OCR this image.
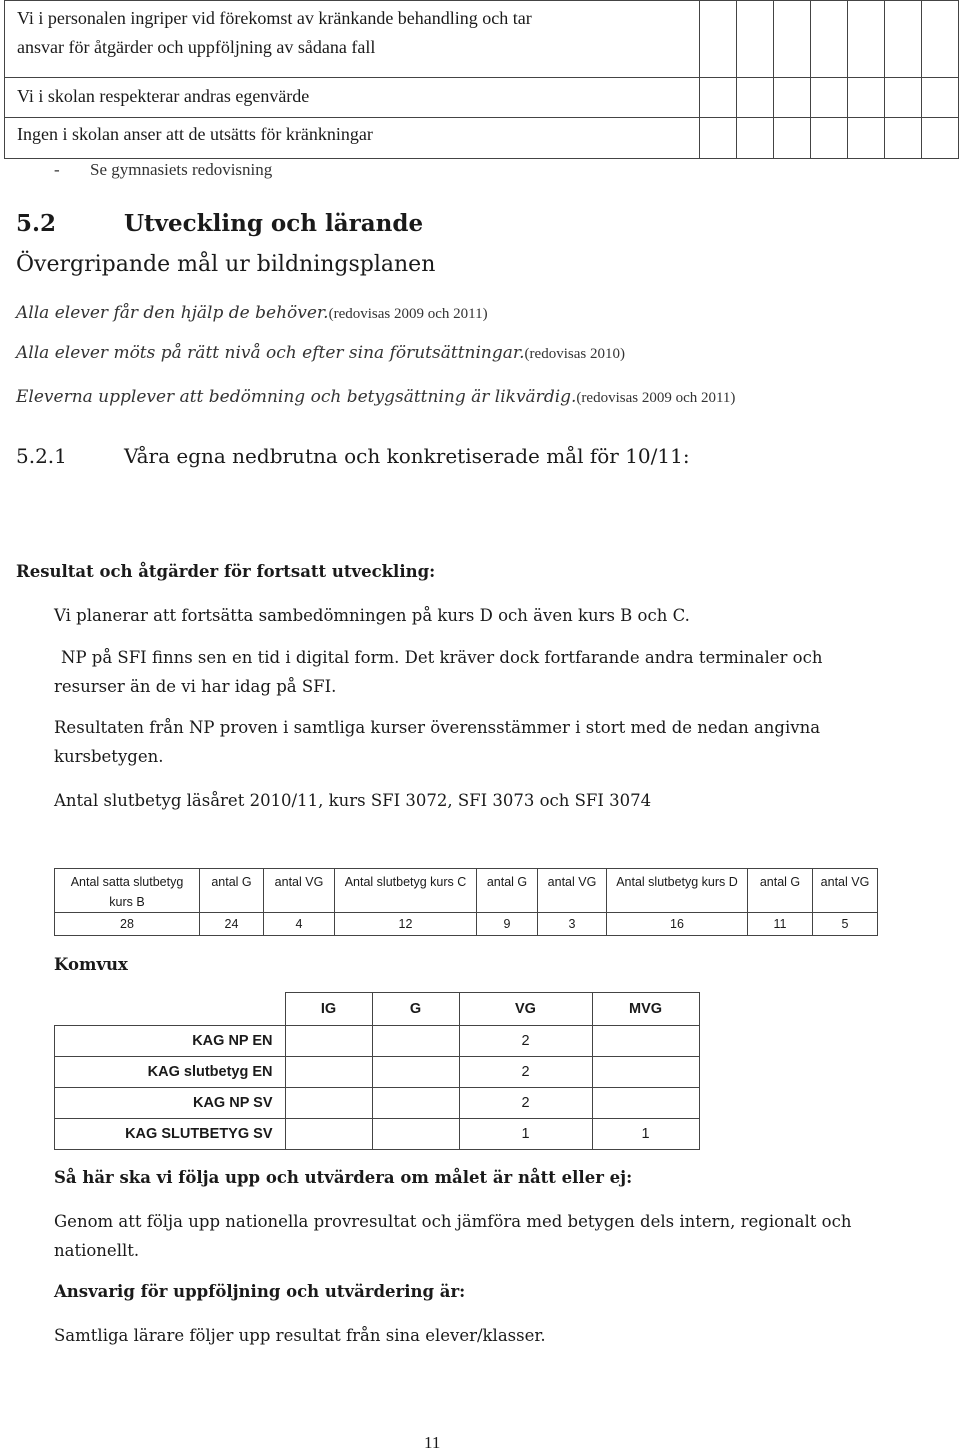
Vi i personalen ingriper vid förekomst av kränkande behandling och tar
ansvar för åtgärder och uppföljning av sådana fall							

Vi i skolan respekterar andras egenvärde							

Ingen i skolan anser att de utsätts för kränkningar							

- Se gymnasiets redovisning
5.2	Utveckling och lärande
Övergripande mål ur bildningsplanen
Alla elever får den hjälp de behöver.(redovisas 2009 och 2011)
Alla elever möts på rätt nivå och efter sina förutsättningar.(redovisas 2010)
Eleverna upplever att bedömning och betygsättning är likvärdig.(redovisas 2009 och 2011)
5.2.1	Våra egna nedbrutna och konkretiserade mål för 10/11:
Resultat och åtgärder för fortsatt utveckling:
Vi planerar att fortsätta sambedömningen på kurs D och även kurs B och C.
NP på SFI finns sen en tid i digital form. Det kräver dock fortfarande andra terminaler och resurser än de vi har idag på SFI.
Resultaten från NP proven i samtliga kurser överensstämmer i stort med de nedan angivna kursbetygen.
Antal slutbetyg läsåret 2010/11, kurs SFI 3072, SFI 3073 och SFI 3074
Antal satta slutbetyg kurs B	antal G	antal VG	Antal slutbetyg kurs C	antal G	antal VG	Antal slutbetyg kurs D	antal G	antal VG
28	24	4	12	9	3	16	11	5
Komvux
	IG	G	VG	MVG
KAG NP EN			2	
KAG slutbetyg EN			2	
KAG NP SV			2	
KAG SLUTBETYG SV			1	1
Så här ska vi följa upp och utvärdera om målet är nått eller ej:
Genom att följa upp nationella provresultat och jämföra med betygen dels intern, regionalt och nationellt.
Ansvarig för uppföljning och utvärdering är:
Samtliga lärare följer upp resultat från sina elever/klasser.
11
